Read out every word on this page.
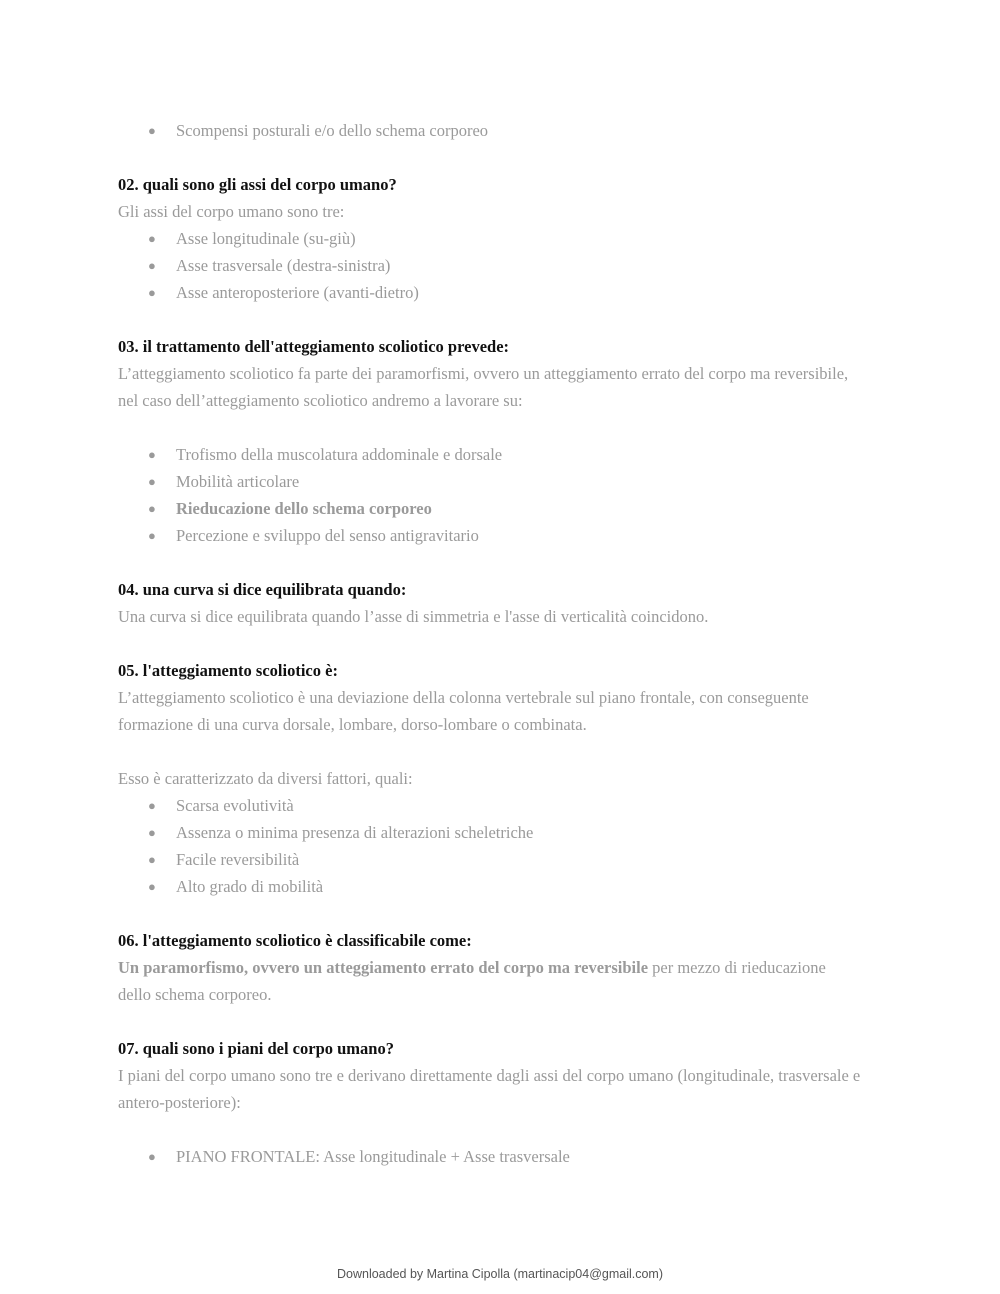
●	Scompensi posturali e/o dello schema corporeo
02. quali sono gli assi del corpo umano?
Gli assi del corpo umano sono tre:
●	Asse longitudinale (su-giù)
●	Asse trasversale (destra-sinistra)
●	Asse anteroposteriore (avanti-dietro)
03. il trattamento dell'atteggiamento scoliotico prevede:
L’atteggiamento scoliotico fa parte dei paramorfismi, ovvero un atteggiamento errato del corpo ma reversibile,
nel caso dell’atteggiamento scoliotico andremo a lavorare su:
●	Trofismo della muscolatura addominale e dorsale
●	Mobilità articolare
●	Rieducazione dello schema corporeo
●	Percezione e sviluppo del senso antigravitario
04. una curva si dice equilibrata quando:
Una curva si dice equilibrata quando l’asse di simmetria e l'asse di verticalità coincidono.
05. l'atteggiamento scoliotico è:
L’atteggiamento scoliotico è una deviazione della colonna vertebrale sul piano frontale, con conseguente
formazione di una curva dorsale, lombare, dorso-lombare o combinata.
Esso è caratterizzato da diversi fattori, quali:
●	Scarsa evolutività
●	Assenza o minima presenza di alterazioni scheletriche
●	Facile reversibilità
●	Alto grado di mobilità
06. l'atteggiamento scoliotico è classificabile come:
Un paramorfismo, ovvero un atteggiamento errato del corpo ma reversibile per mezzo di rieducazione
dello schema corporeo.
07. quali sono i piani del corpo umano?
I piani del corpo umano sono tre e derivano direttamente dagli assi del corpo umano (longitudinale, trasversale e
antero-posteriore):
●	PIANO FRONTALE: Asse longitudinale + Asse trasversale
Downloaded by Martina Cipolla (martinacip04@gmail.com)
